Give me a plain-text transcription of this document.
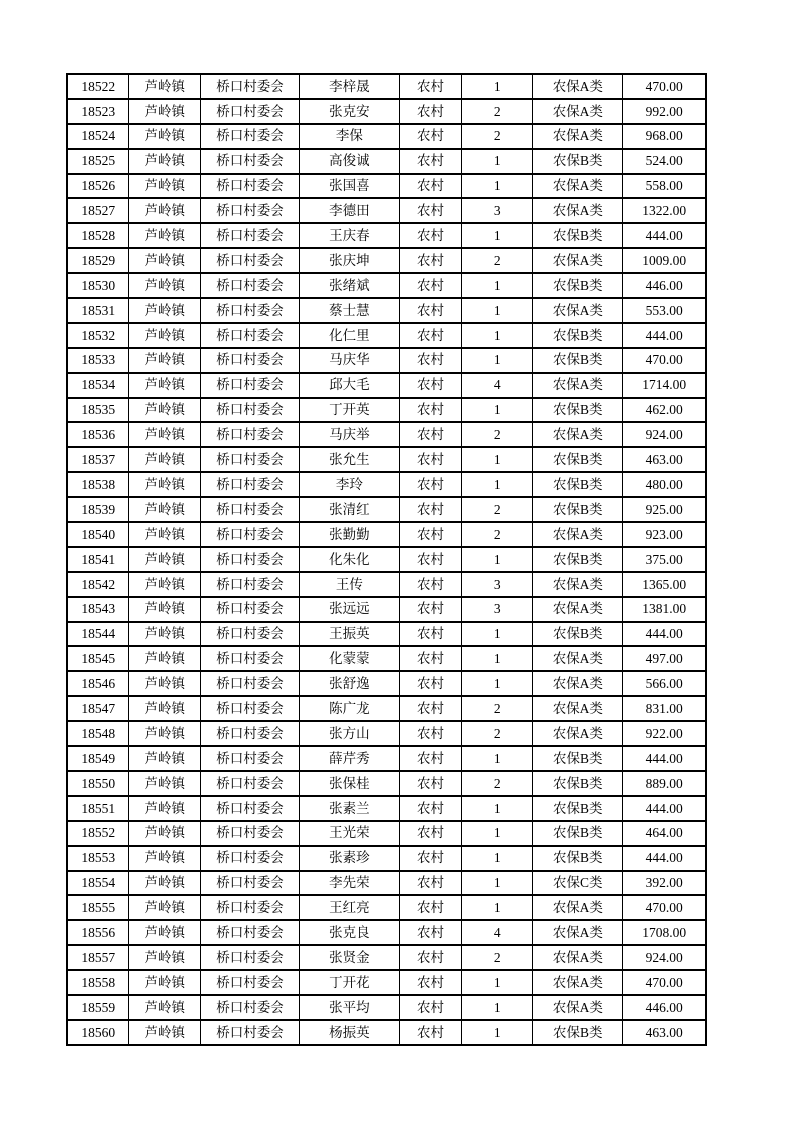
18522	芦岭镇	桥口村委会	李梓晟	农村	1	农保A类	470.00
18523	芦岭镇	桥口村委会	张克安	农村	2	农保A类	992.00
18524	芦岭镇	桥口村委会	李保	农村	2	农保A类	968.00
18525	芦岭镇	桥口村委会	高俊诚	农村	1	农保B类	524.00
18526	芦岭镇	桥口村委会	张国喜	农村	1	农保A类	558.00
18527	芦岭镇	桥口村委会	李德田	农村	3	农保A类	1322.00
18528	芦岭镇	桥口村委会	王庆春	农村	1	农保B类	444.00
18529	芦岭镇	桥口村委会	张庆坤	农村	2	农保A类	1009.00
18530	芦岭镇	桥口村委会	张绪斌	农村	1	农保B类	446.00
18531	芦岭镇	桥口村委会	蔡士慧	农村	1	农保A类	553.00
18532	芦岭镇	桥口村委会	化仁里	农村	1	农保B类	444.00
18533	芦岭镇	桥口村委会	马庆华	农村	1	农保B类	470.00
18534	芦岭镇	桥口村委会	邱大毛	农村	4	农保A类	1714.00
18535	芦岭镇	桥口村委会	丁开英	农村	1	农保B类	462.00
18536	芦岭镇	桥口村委会	马庆举	农村	2	农保A类	924.00
18537	芦岭镇	桥口村委会	张允生	农村	1	农保B类	463.00
18538	芦岭镇	桥口村委会	李玲	农村	1	农保B类	480.00
18539	芦岭镇	桥口村委会	张清红	农村	2	农保B类	925.00
18540	芦岭镇	桥口村委会	张勤勤	农村	2	农保A类	923.00
18541	芦岭镇	桥口村委会	化朱化	农村	1	农保B类	375.00
18542	芦岭镇	桥口村委会	王传	农村	3	农保A类	1365.00
18543	芦岭镇	桥口村委会	张远远	农村	3	农保A类	1381.00
18544	芦岭镇	桥口村委会	王振英	农村	1	农保B类	444.00
18545	芦岭镇	桥口村委会	化蒙蒙	农村	1	农保A类	497.00
18546	芦岭镇	桥口村委会	张舒逸	农村	1	农保A类	566.00
18547	芦岭镇	桥口村委会	陈广龙	农村	2	农保A类	831.00
18548	芦岭镇	桥口村委会	张方山	农村	2	农保A类	922.00
18549	芦岭镇	桥口村委会	薛芹秀	农村	1	农保B类	444.00
18550	芦岭镇	桥口村委会	张保桂	农村	2	农保B类	889.00
18551	芦岭镇	桥口村委会	张素兰	农村	1	农保B类	444.00
18552	芦岭镇	桥口村委会	王光荣	农村	1	农保B类	464.00
18553	芦岭镇	桥口村委会	张素珍	农村	1	农保B类	444.00
18554	芦岭镇	桥口村委会	李先荣	农村	1	农保C类	392.00
18555	芦岭镇	桥口村委会	王红亮	农村	1	农保A类	470.00
18556	芦岭镇	桥口村委会	张克良	农村	4	农保A类	1708.00
18557	芦岭镇	桥口村委会	张贤金	农村	2	农保A类	924.00
18558	芦岭镇	桥口村委会	丁开花	农村	1	农保A类	470.00
18559	芦岭镇	桥口村委会	张平均	农村	1	农保A类	446.00
18560	芦岭镇	桥口村委会	杨振英	农村	1	农保B类	463.00
